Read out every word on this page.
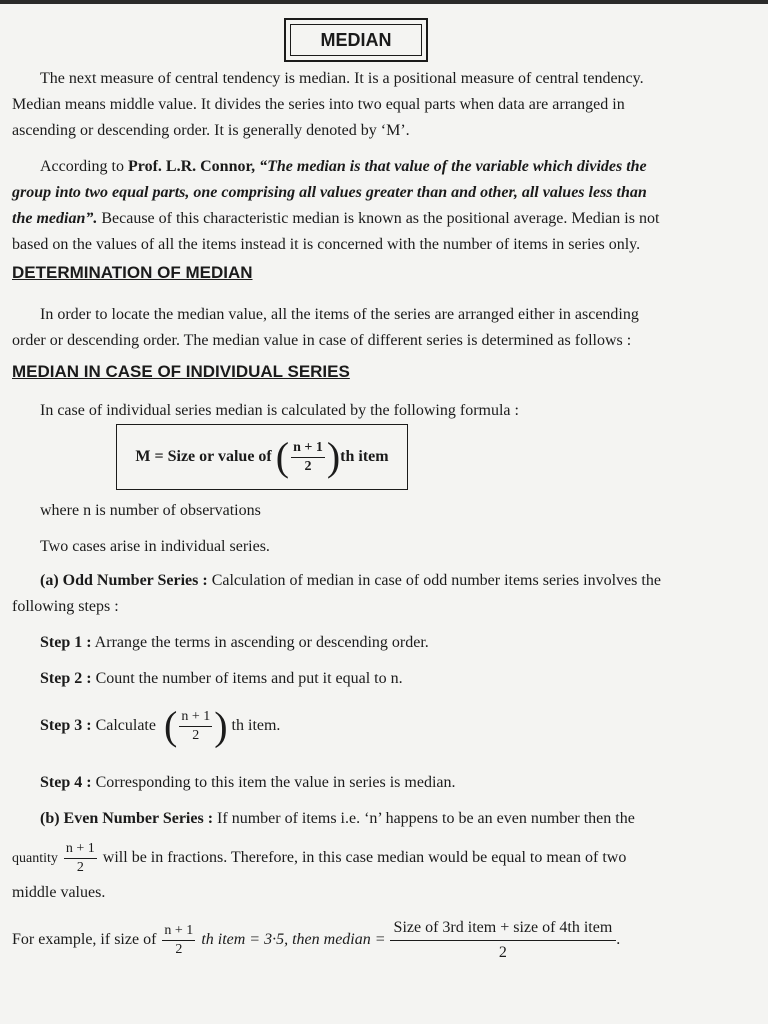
MEDIAN
The next measure of central tendency is median. It is a positional measure of central tendency.
Median means middle value. It divides the series into two equal parts when data are arranged in
ascending or descending order. It is generally denoted by ‘M’.
According to Prof. L.R. Connor, “The median is that value of the variable which divides the
group into two equal parts, one comprising all values greater than and other, all values less than
the median”. Because of this characteristic median is known as the positional average. Median is not
based on the values of all the items instead it is concerned with the number of items in series only.
DETERMINATION OF MEDIAN
In order to locate the median value, all the items of the series are arranged either in ascending
order or descending order. The median value in case of different series is determined as follows :
MEDIAN IN CASE OF INDIVIDUAL SERIES
In case of individual series median is calculated by the following formula :
M = Size or value of ( $\frac{n + 1}{2}$ ) th item
where n is number of observations
Two cases arise in individual series.
(a) Odd Number Series : Calculation of median in case of odd number items series involves the
following steps :
Step 1 : Arrange the terms in ascending or descending order.
Step 2 : Count the number of items and put it equal to n.
Step 3 : Calculate ( $\frac{n + 1}{2}$ ) th item.
Step 4 : Corresponding to this item the value in series is median.
(b) Even Number Series : If number of items i.e. ‘n’ happens to be an even number then the
quantity $\frac{n + 1}{2}$ will be in fractions. Therefore, in this case median would be equal to mean of two
middle values.
For example, if size of $\frac{n + 1}{2}$ th item = 3·5, then median = $\frac{\text{Size of 3rd item + size of 4th item}}{2}$ .
